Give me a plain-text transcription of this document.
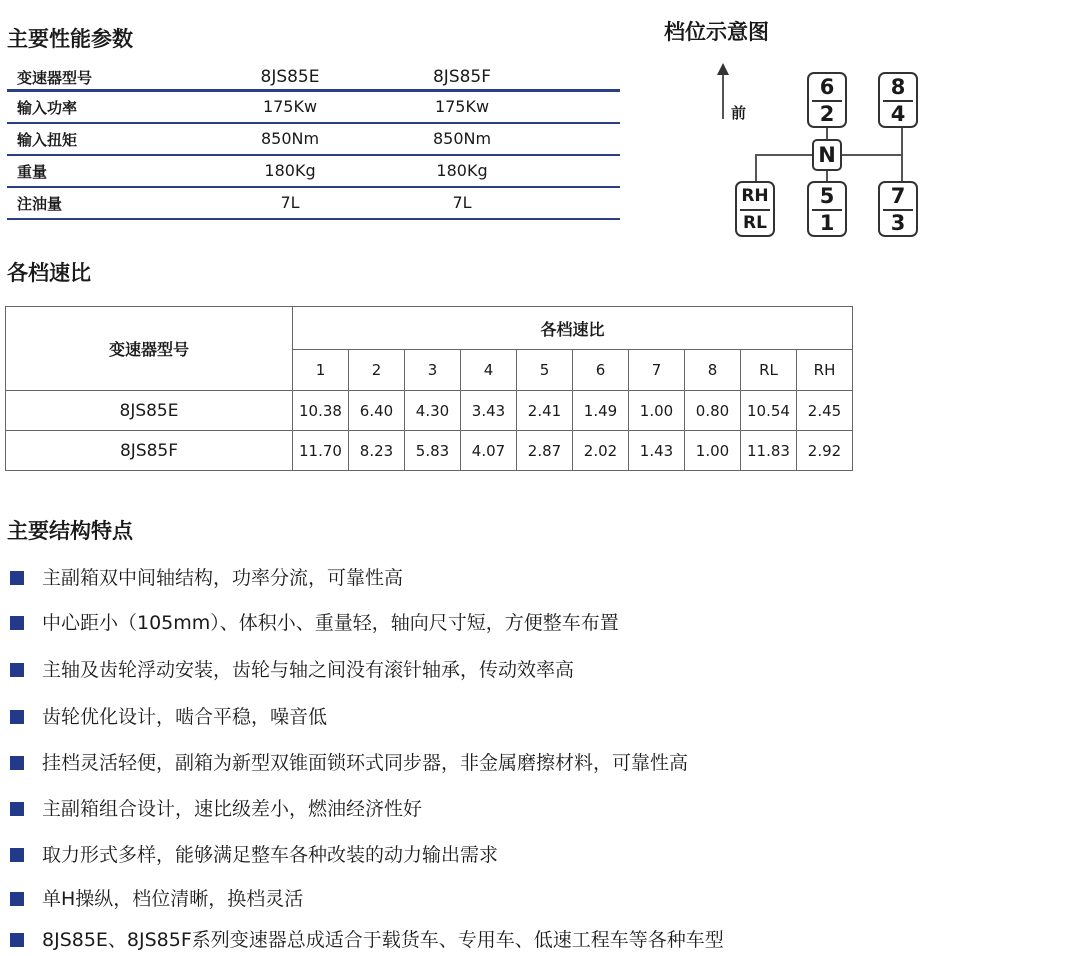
主要性能参数	档位示意图
各档速比
主要结构特点
变速器型号	8JS85E	8JS85F
输入功率	175Kw	175Kw
输入扭矩	850Nm	850Nm
重量	180Kg	180Kg
注油量	7L	7L
前
6
2
8
4
N
RH
RL
5
1
7
3
变速器型号	各档速比									
	1	2	3	4	5	6	7	8	RL	RH
8JS85E	10.38	6.40	4.30	3.43	2.41	1.49	1.00	0.80	10.54	2.45
8JS85F	11.70	8.23	5.83	4.07	2.87	2.02	1.43	1.00	11.83	2.92
主副箱双中间轴结构，功率分流，可靠性高
中心距小（105mm）、体积小、重量轻，轴向尺寸短，方便整车布置
主轴及齿轮浮动安装，齿轮与轴之间没有滚针轴承，传动效率高
齿轮优化设计，啮合平稳，噪音低
挂档灵活轻便，副箱为新型双锥面锁环式同步器，非金属磨擦材料，可靠性高
主副箱组合设计，速比级差小，燃油经济性好
取力形式多样，能够满足整车各种改装的动力输出需求
单H操纵，档位清晰，换档灵活
8JS85E、8JS85F系列变速器总成适合于载货车、专用车、低速工程车等各种车型
